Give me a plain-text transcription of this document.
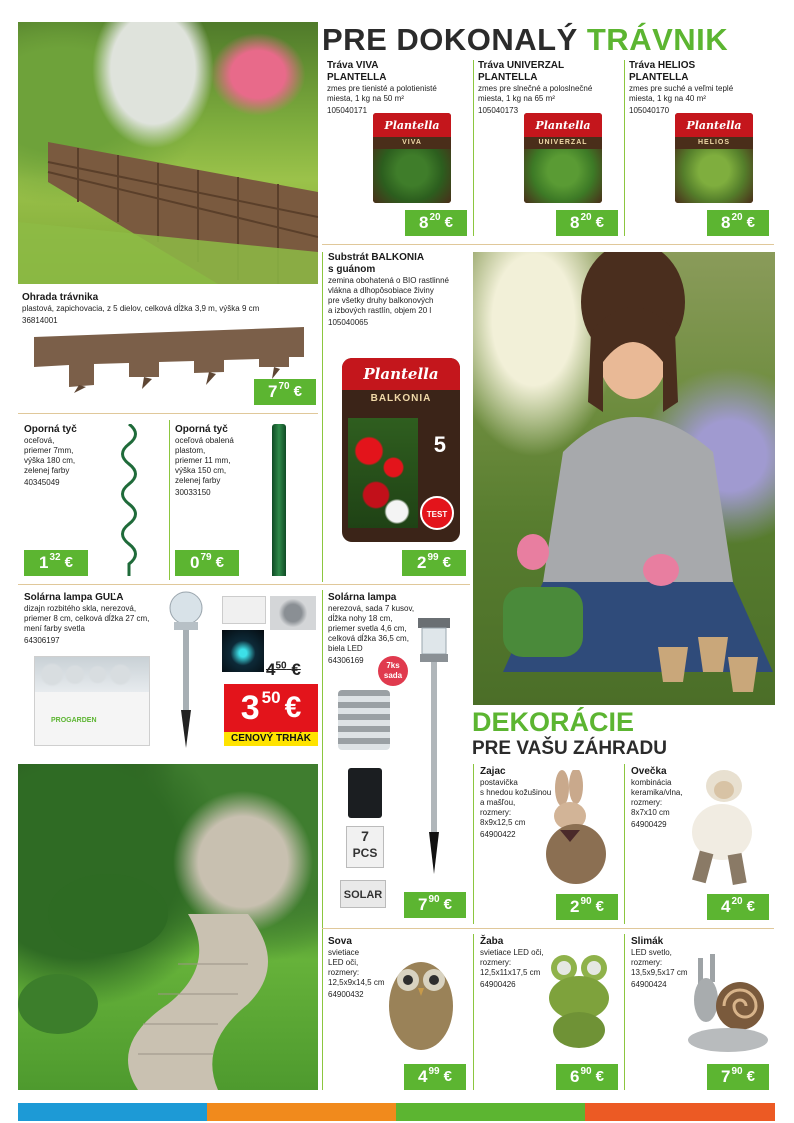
PRE DOKONALÝ TRÁVNIK
Tráva VIVA
PLANTELLA
zmes pre tienisté a polotienisté
miesta, 1 kg na 50 m²
105040171
Plantella
VIVA
8 20 €
Tráva UNIVERZAL
PLANTELLA
zmes pre slnečné a poloslnečné
miesta, 1 kg na 65 m²
105040173
Plantella
UNIVERZAL
8 20 €
Tráva HELIOS
PLANTELLA
zmes pre suché a veľmi teplé
miesta, 1 kg na 40 m²
105040170
Plantella
HELIOS
8 20 €
Ohrada trávnika
plastová, zapichovacia, z 5 dielov, celková dĺžka 3,9 m, výška 9 cm
36814001
7 70 €
Substrát BALKONIA
s guánom
zemina obohatená o BIO rastlinné
vlákna a dlhopôsobiace živiny
pre všetky druhy balkonových
a izbových rastlín, objem 20 l
105040065
Plantella
BALKONIA
5
TEST
2 99 €
Oporná tyč
oceľová,
priemer 7mm,
výška 180 cm,
zelenej farby
40345049
1 32 €
Oporná tyč
oceľová obalená
plastom,
priemer 11 mm,
výška 150 cm,
zelenej farby
30033150
0 79 €
Solárna lampa GUĽA
dizajn rozbitého skla, nerezová,
priemer 8 cm, celková dĺžka 27 cm,
mení farby svetla
64306197
PROGARDEN
$4^{50}$ €
3 50 €
CENOVÝ TRHÁK
Solárna lampa
nerezová, sada 7 kusov,
dĺžka nohy 18 cm,
priemer svetla 4,6 cm,
celková dĺžka 36,5 cm,
biela LED
64306169
7ks
sada
7
PCS
SOLAR 7 90 €
DEKORÁCIE
PRE VAŠU ZÁHRADU
Zajac
postavička
s hnedou kožušinou
a mašľou,
rozmery:
8x9x12,5 cm
64900422
2 90 €
Ovečka
kombinácia
keramika/vlna,
rozmery:
8x7x10 cm
64900429
4 20 €
Sova
svietiace
LED oči,
rozmery:
12,5x9x14,5 cm
64900432
4 99 €
Žaba
svietiace LED oči,
rozmery:
12,5x11x17,5 cm
64900426
6 90 €
Slimák
LED svetlo,
rozmery:
13,5x9,5x17 cm
64900424
7 90 €
